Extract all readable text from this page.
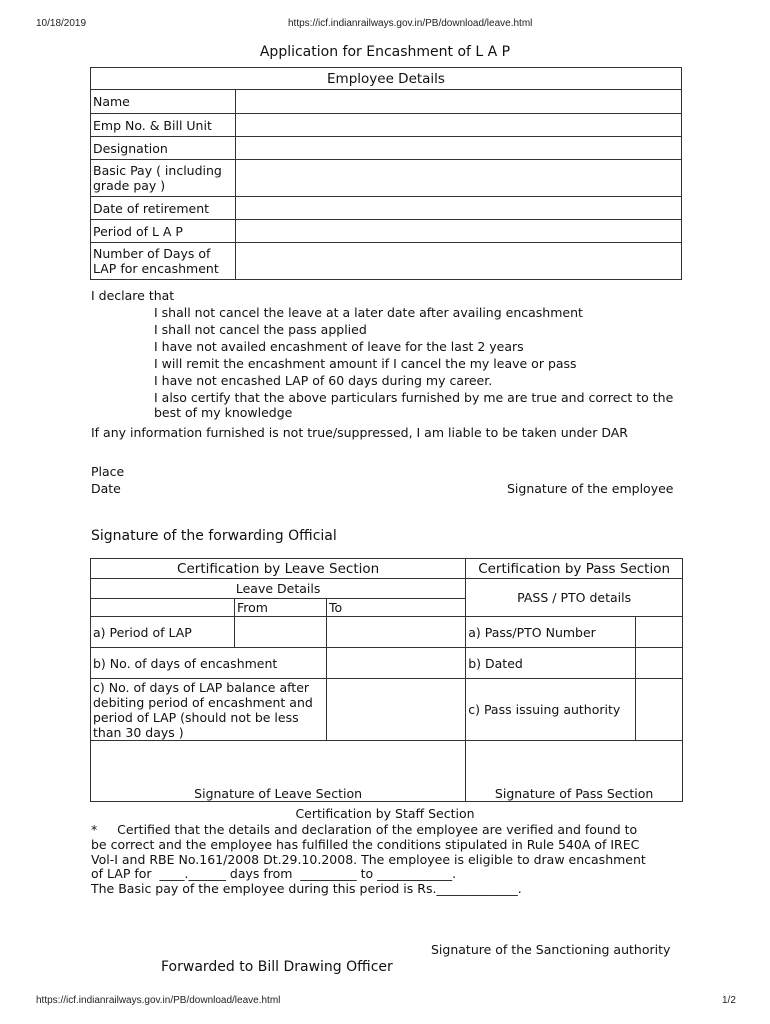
10/18/2019	https://icf.indianrailways.gov.in/PB/download/leave.html
Application for Encashment of L A P
Employee Details	
Name	
Emp No. & Bill Unit	
Designation	
Basic Pay ( including grade pay )	
Date of retirement	
Period of L A P	
Number of Days of LAP for encashment	
I declare that
I shall not cancel the leave at a later date after availing encashment
I shall not cancel the pass applied
I have not availed encashment of leave for the last 2 years
I will remit the encashment amount if I cancel the my leave or pass
I have not encashed LAP of 60 days during my career.
I also certify that the above particulars furnished by me are true and correct to the best of my knowledge
If any information furnished is not true/suppressed, I am liable to be taken under DAR
Place
Date	Signature of the employee
Signature of the forwarding Official
Certification by Leave Section			Certification by Pass Section	
Leave Details			PASS / PTO details	
	From	To		
a) Period of LAP			a) Pass/PTO Number	
b) No. of days of encashment			b) Dated	
c) No. of days of LAP balance after debiting period of encashment and period of LAP (should not be less than 30 days )			c) Pass issuing authority	
Signature of Leave Section			Signature of Pass Section	
Certification by Staff Section
*     Certified that the details and declaration of the employee are verified and found to
be correct and the employee has fulfilled the conditions stipulated in Rule 540A of IREC
Vol-I and RBE No.161/2008 Dt.29.10.2008. The employee is eligible to draw encashment
of LAP for  ____.______ days from  _________ to ____________.
The Basic pay of the employee during this period is Rs._____________.
Signature of the Sanctioning authority
Forwarded to Bill Drawing Officer
https://icf.indianrailways.gov.in/PB/download/leave.html	1/2
